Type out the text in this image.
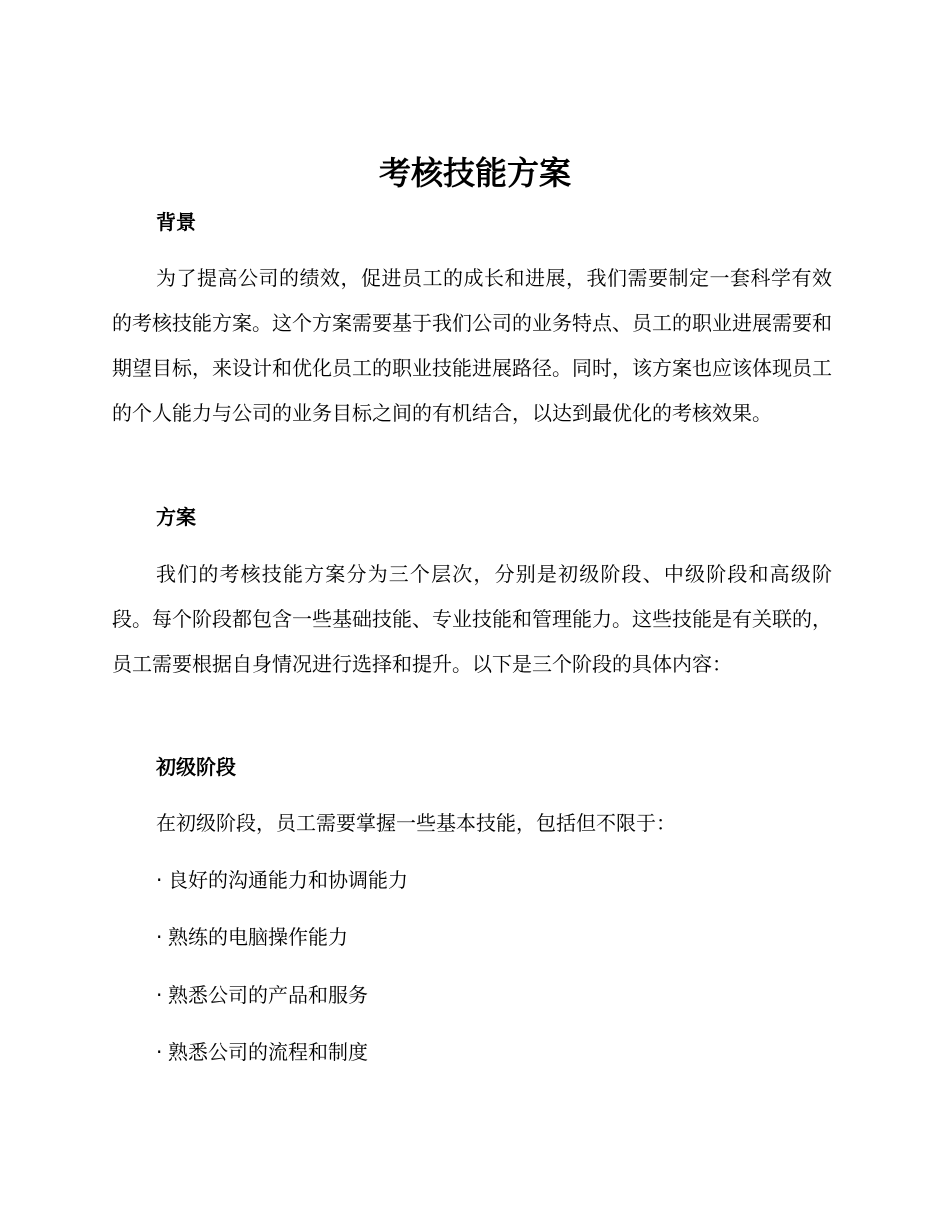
考核技能方案
背景

为了提高公司的绩效，促进员工的成长和进展，我们需要制定一套科学有效的考核技能方案。这个方案需要基于我们公司的业务特点、员工的职业进展需要和期望目标，来设计和优化员工的职业技能进展路径。同时，该方案也应该体现员工的个人能力与公司的业务目标之间的有机结合，以达到最优化的考核效果。

方案

我们的考核技能方案分为三个层次，分别是初级阶段、中级阶段和高级阶段。每个阶段都包含一些基础技能、专业技能和管理能力。这些技能是有关联的，员工需要根据自身情况进行选择和提升。以下是三个阶段的具体内容：

初级阶段

在初级阶段，员工需要掌握一些基本技能，包括但不限于：

· 良好的沟通能力和协调能力
· 熟练的电脑操作能力
· 熟悉公司的产品和服务
· 熟悉公司的流程和制度
